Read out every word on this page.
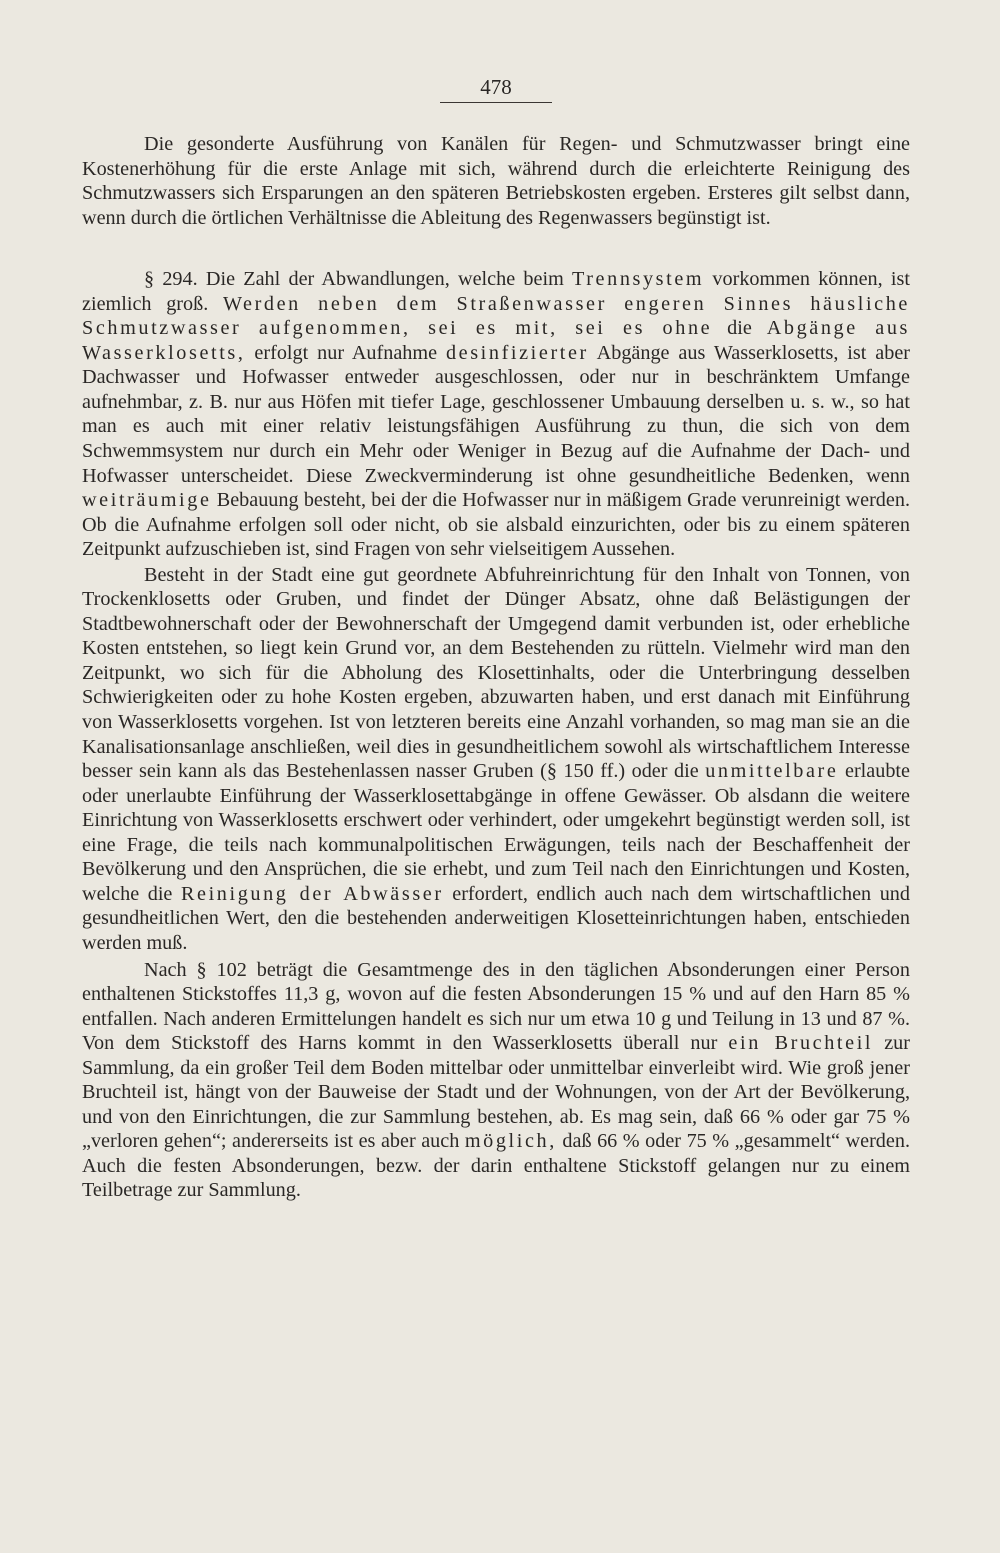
478

Die gesonderte Ausführung von Kanälen für Regen- und Schmutzwasser bringt eine Kostenerhöhung für die erste Anlage mit sich, während durch die erleichterte Reinigung des Schmutzwassers sich Ersparungen an den späteren Betriebskosten ergeben. Ersteres gilt selbst dann, wenn durch die örtlichen Verhältnisse die Ableitung des Regenwassers begünstigt ist.

§ 294. Die Zahl der Abwandlungen, welche beim Trennsystem vorkommen können, ist ziemlich groß. Werden neben dem Straßenwasser engeren Sinnes häusliche Schmutzwasser aufgenommen, sei es mit, sei es ohne die Abgänge aus Wasserklosetts, erfolgt nur Aufnahme desinfizierter Abgänge aus Wasserklosetts, ist aber Dachwasser und Hofwasser entweder ausgeschlossen, oder nur in beschränktem Umfange aufnehmbar, z. B. nur aus Höfen mit tiefer Lage, geschlossener Umbauung derselben u. s. w., so hat man es auch mit einer relativ leistungsfähigen Ausführung zu thun, die sich von dem Schwemmsystem nur durch ein Mehr oder Weniger in Bezug auf die Aufnahme der Dach- und Hofwasser unterscheidet. Diese Zweckverminderung ist ohne gesundheitliche Bedenken, wenn weiträumige Bebauung besteht, bei der die Hofwasser nur in mäßigem Grade verunreinigt werden. Ob die Aufnahme erfolgen soll oder nicht, ob sie alsbald einzurichten, oder bis zu einem späteren Zeitpunkt aufzuschieben ist, sind Fragen von sehr vielseitigem Aussehen.

Besteht in der Stadt eine gut geordnete Abfuhreinrichtung für den Inhalt von Tonnen, von Trockenklosetts oder Gruben, und findet der Dünger Absatz, ohne daß Belästigungen der Stadtbewohnerschaft oder der Bewohnerschaft der Umgegend damit verbunden ist, oder erhebliche Kosten entstehen, so liegt kein Grund vor, an dem Bestehenden zu rütteln. Vielmehr wird man den Zeitpunkt, wo sich für die Abholung des Klosettinhalts, oder die Unterbringung desselben Schwierigkeiten oder zu hohe Kosten ergeben, abzuwarten haben, und erst danach mit Einführung von Wasserklosetts vorgehen. Ist von letzteren bereits eine Anzahl vorhanden, so mag man sie an die Kanalisationsanlage anschließen, weil dies in gesundheitlichem sowohl als wirtschaftlichem Interesse besser sein kann als das Bestehenlassen nasser Gruben (§ 150 ff.) oder die unmittelbare erlaubte oder unerlaubte Einführung der Wasserklosettabgänge in offene Gewässer. Ob alsdann die weitere Einrichtung von Wasserklosetts erschwert oder verhindert, oder umgekehrt begünstigt werden soll, ist eine Frage, die teils nach kommunalpolitischen Erwägungen, teils nach der Beschaffenheit der Bevölkerung und den Ansprüchen, die sie erhebt, und zum Teil nach den Einrichtungen und Kosten, welche die Reinigung der Abwässer erfordert, endlich auch nach dem wirtschaftlichen und gesundheitlichen Wert, den die bestehenden anderweitigen Klosetteinrichtungen haben, entschieden werden muß.

Nach § 102 beträgt die Gesamtmenge des in den täglichen Absonderungen einer Person enthaltenen Stickstoffes 11,3 g, wovon auf die festen Absonderungen 15 % und auf den Harn 85 % entfallen. Nach anderen Ermittelungen handelt es sich nur um etwa 10 g und Teilung in 13 und 87 %. Von dem Stickstoff des Harns kommt in den Wasserklosetts überall nur ein Bruchteil zur Sammlung, da ein großer Teil dem Boden mittelbar oder unmittelbar einverleibt wird. Wie groß jener Bruchteil ist, hängt von der Bauweise der Stadt und der Wohnungen, von der Art der Bevölkerung, und von den Einrichtungen, die zur Sammlung bestehen, ab. Es mag sein, daß 66 % oder gar 75 % „verloren gehen“; andererseits ist es aber auch möglich, daß 66 % oder 75 % „gesammelt“ werden. Auch die festen Absonderungen, bezw. der darin enthaltene Stickstoff gelangen nur zu einem Teilbetrage zur Sammlung.
